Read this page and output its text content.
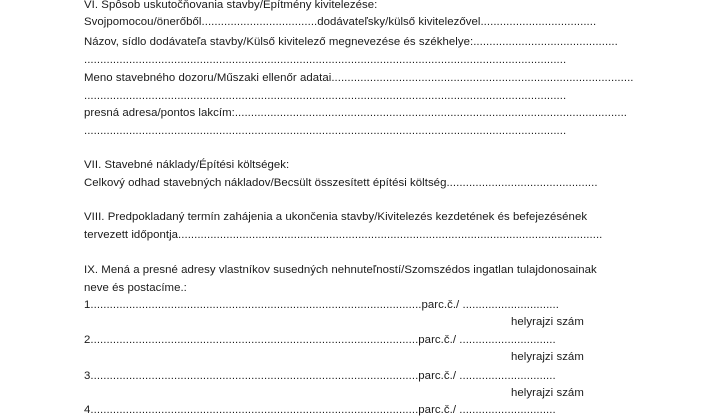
VI. Spôsob uskutočňovania stavby/Építmény kivitelezése:

Svojpomocou/önerőből....................................dodávateľsky/külső kivitelezővel....................................

Názov, sídlo dodávateľa stavby/Külső kivitelező megnevezése és székhelye:.............................................

......................................................................................................................................................

Meno stavebného dozoru/Műszaki ellenőr adatai..............................................................................................

......................................................................................................................................................

presná adresa/pontos lakcím:..........................................................................................................................

......................................................................................................................................................

VII. Stavebné náklady/Építési költségek:

Celkový odhad stavebných nákladov/Becsült összesített építési költség...............................................

VIII. Predpokladaný termín zahájenia a ukončenia stavby/Kivitelezés kezdetének és befejezésének

tervezett időpontja....................................................................................................................................

IX. Mená a presné adresy vlastníkov susedných nehnuteľností/Szomszédos ingatlan tulajdonosainak

neve és postacíme.:

1.......................................................................................................parc.č./ ..............................

helyrajzi szám

2......................................................................................................parc.č./ ..............................

helyrajzi szám

3......................................................................................................parc.č./ ..............................

helyrajzi szám

4......................................................................................................parc.č./ ..............................
